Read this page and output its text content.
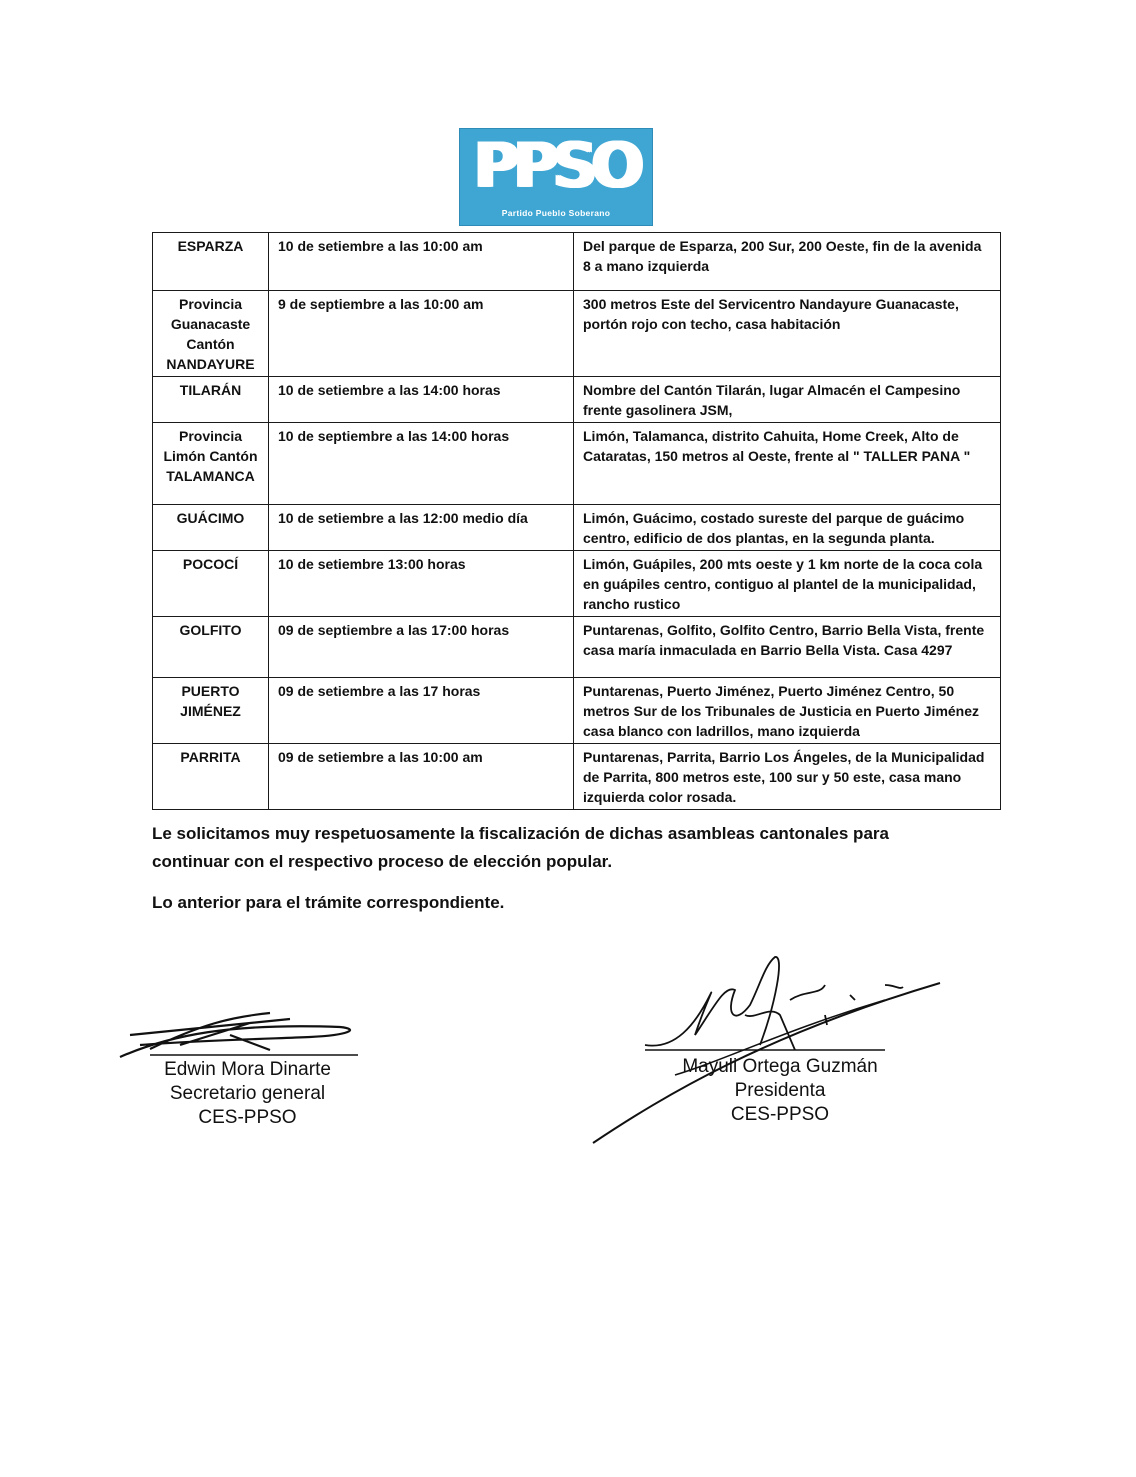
PPSO
Partido Pueblo Soberano
ESPARZA	10 de setiembre a las 10:00 am	Del parque de Esparza, 200 Sur, 200 Oeste, fin de la avenida 8 a mano izquierda
Provincia Guanacaste Cantón NANDAYURE	9 de septiembre a las 10:00 am	300 metros Este del Servicentro Nandayure Guanacaste, portón rojo con techo, casa habitación
TILARÁN	10 de setiembre a las 14:00 horas	Nombre del Cantón Tilarán, lugar Almacén el Campesino frente gasolinera JSM,
Provincia Limón Cantón TALAMANCA	10 de septiembre a las 14:00 horas	Limón, Talamanca, distrito Cahuita, Home Creek, Alto de Cataratas, 150 metros al Oeste, frente al " TALLER PANA "
GUÁCIMO	10 de setiembre a las 12:00 medio día	Limón, Guácimo, costado sureste del parque de guácimo centro, edificio de dos plantas, en la segunda planta.
POCOCÍ	10 de setiembre 13:00 horas	Limón, Guápiles, 200 mts oeste y 1 km norte de la coca cola en guápiles centro, contiguo al plantel de la municipalidad, rancho rustico
GOLFITO	09 de septiembre a las 17:00 horas	Puntarenas, Golfito, Golfito Centro, Barrio Bella Vista, frente casa maría inmaculada en Barrio Bella Vista. Casa 4297
PUERTO JIMÉNEZ	09 de setiembre a las 17 horas	Puntarenas, Puerto Jiménez, Puerto Jiménez Centro, 50 metros Sur de los Tribunales de Justicia en Puerto Jiménez casa blanco con ladrillos, mano izquierda
PARRITA	09 de setiembre a las 10:00 am	Puntarenas, Parrita, Barrio Los Ángeles, de la Municipalidad de Parrita, 800 metros este, 100 sur y 50 este, casa mano izquierda color rosada.
Le solicitamos muy respetuosamente la fiscalización de dichas asambleas cantonales para continuar con el respectivo proceso de elección popular.
Lo anterior para el trámite correspondiente.
Edwin Mora Dinarte
Secretario general
CES-PPSO
Mayuli Ortega Guzmán
Presidenta
CES-PPSO
